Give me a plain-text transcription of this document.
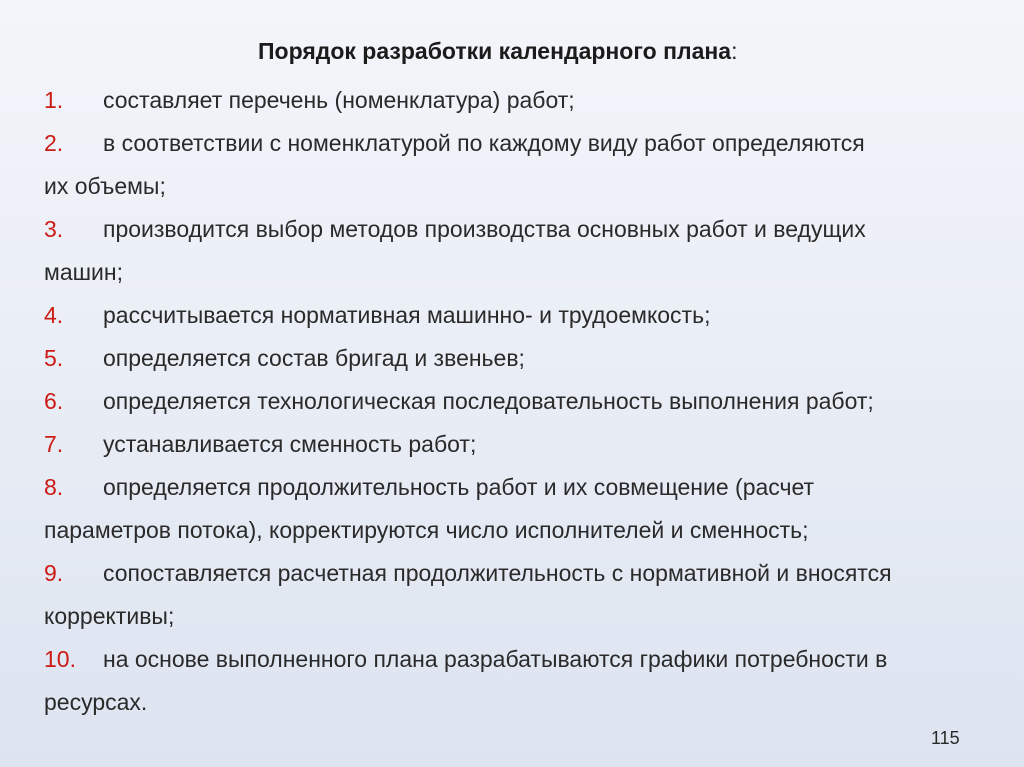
Порядок разработки календарного плана:
1. составляет перечень (номенклатура) работ;
2. в соответствии с номенклатурой по каждому виду работ определяются
их объемы;
3. производится выбор методов производства основных работ и ведущих
машин;
4. рассчитывается нормативная машинно- и трудоемкость;
5. определяется состав бригад и звеньев;
6. определяется технологическая последовательность выполнения работ;
7. устанавливается сменность работ;
8. определяется продолжительность работ и их совмещение (расчет
параметров потока), корректируются число исполнителей и сменность;
9. сопоставляется расчетная продолжительность с нормативной и вносятся
коррективы;
10. на основе выполненного плана разрабатываются графики потребности в
ресурсах.
115
